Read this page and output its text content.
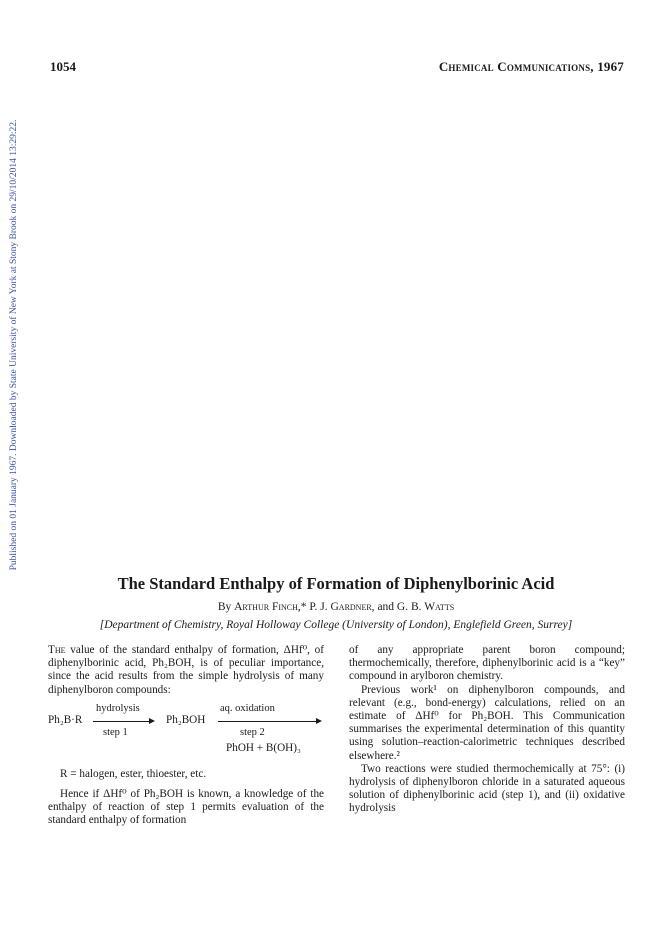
1054	Chemical Communications, 1967
Published on 01 January 1967. Downloaded by State University of New York at Stony Brook on 29/10/2014 13:29:22.
The Standard Enthalpy of Formation of Diphenylborinic Acid
By Arthur Finch,* P. J. Gardner, and G. B. Watts
[Department of Chemistry, Royal Holloway College (University of London), Englefield Green, Surrey]

The value of the standard enthalpy of formation, ΔHf⁰, of diphenylborinic acid, Ph₂BOH, is of peculiar importance, since the acid results from the simple hydrolysis of many diphenylboron compounds:

Ph₂B·R
hydrolysis
step 1
Ph₂BOH
aq. oxidation
step 2
PhOH + B(OH)₃

R = halogen, ester, thioester, etc.

Hence if ΔHf⁰ of Ph₂BOH is known, a knowledge of the enthalpy of reaction of step 1 permits evaluation of the standard enthalpy of formation

of any appropriate parent boron compound; thermochemically, therefore, diphenylborinic acid is a “key” compound in arylboron chemistry.

Previous work¹ on diphenylboron compounds, and relevant (e.g., bond-energy) calculations, relied on an estimate of ΔHf⁰ for Ph₂BOH. This Communication summarises the experimental determination of this quantity using solution–reaction-calorimetric techniques described elsewhere.²

Two reactions were studied thermochemically at 75°: (i) hydrolysis of diphenylboron chloride in a saturated aqueous solution of diphenylborinic acid (step 1), and (ii) oxidative hydrolysis
